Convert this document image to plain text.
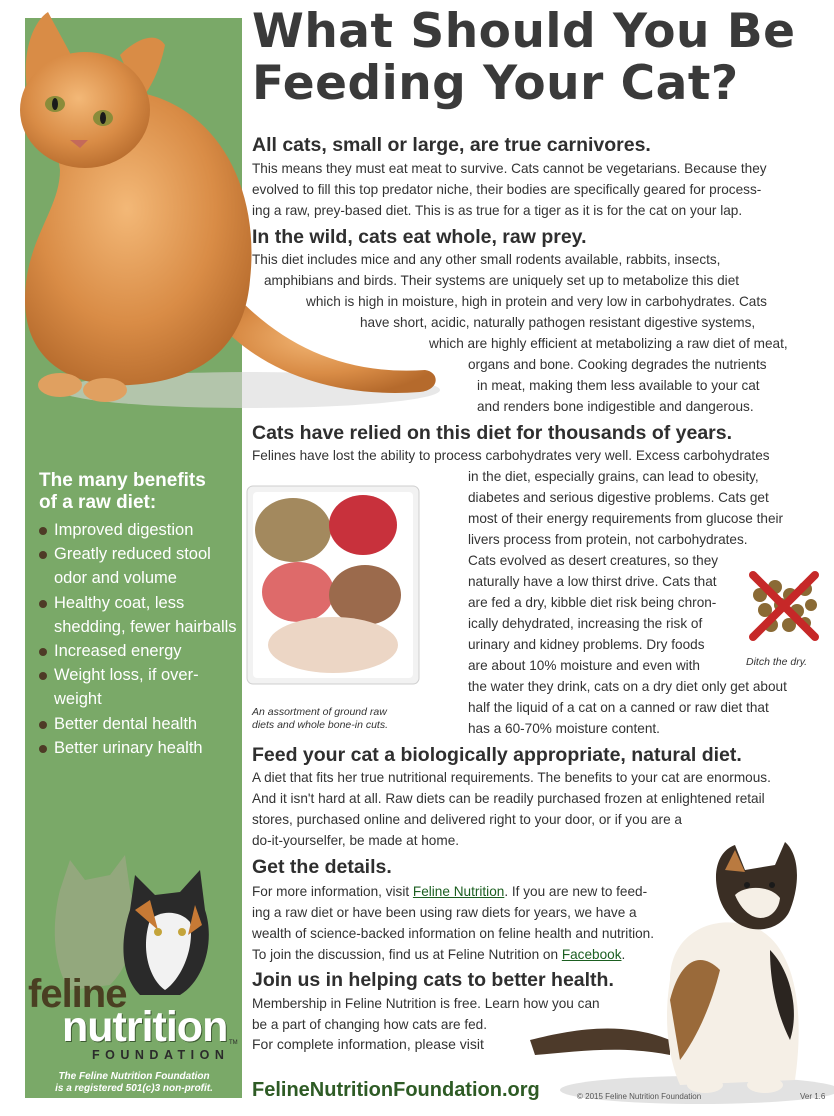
What Should You Be
Feeding Your Cat?
All cats, small or large, are true carnivores.

This means they must eat meat to survive. Cats cannot be vegetarians. Because they
evolved to fill this top predator niche, their bodies are specifically geared for process-
ing a raw, prey-based diet. This is as true for a tiger as it is for the cat on your lap.

In the wild, cats eat whole, raw prey.

This diet includes mice and any other small rodents available, rabbits, insects,
amphibians and birds. Their systems are uniquely set up to metabolize this diet
which is high in moisture, high in protein and very low in carbohydrates. Cats
have short, acidic, naturally pathogen resistant digestive systems,
which are highly efficient at metabolizing a raw diet of meat,
organs and bone. Cooking degrades the nutrients
in meat, making them less available to your cat
and renders bone indigestible and dangerous.

Cats have relied on this diet for thousands of years.

Felines have lost the ability to process carbohydrates very well. Excess carbohydrates

in the diet, especially grains, can lead to obesity,
diabetes and serious digestive problems. Cats get
most of their energy requirements from glucose their
livers process from protein, not carbohydrates.
Cats evolved as desert creatures, so they
naturally have a low thirst drive. Cats that
are fed a dry, kibble diet risk being chron-
ically dehydrated, increasing the risk of
urinary and kidney problems. Dry foods
are about 10% moisture and even with
the water they drink, cats on a dry diet only get about
half the liquid of a cat on a canned or raw diet that
has a 60-70% moisture content.

An assortment of ground raw
diets and whole bone-in cuts.
Ditch the dry.
Feed your cat a biologically appropriate, natural diet.

A diet that fits her true nutritional requirements. The benefits to your cat are enormous.
And it isn't hard at all. Raw diets can be readily purchased frozen at enlightened retail
stores, purchased online and delivered right to your door, or if you are a
do-it-yourselfer, be made at home.

Get the details.

For more information, visit Feline Nutrition. If you are new to feed-
ing a raw diet or have been using raw diets for years, we have a
wealth of science-backed information on feline health and nutrition.
To join the discussion, find us at Feline Nutrition on Facebook.

Join us in helping cats to better health.

Membership in Feline Nutrition is free. Learn how you can
be a part of changing how cats are fed.

The many benefits
of a raw diet:
Improved digestion
Greatly reduced stool odor and volume
Healthy coat, less shedding, fewer hairballs
Increased energy
Weight loss, if over-weight
Better dental health
Better urinary health
feline
nutrition
FOUNDATION
TM
The Feline Nutrition Foundation
is a registered 501(c)3 non-profit.
For complete information, please visit
FelineNutritionFoundation.org	© 2015 Feline Nutrition Foundation	Ver 1.6
